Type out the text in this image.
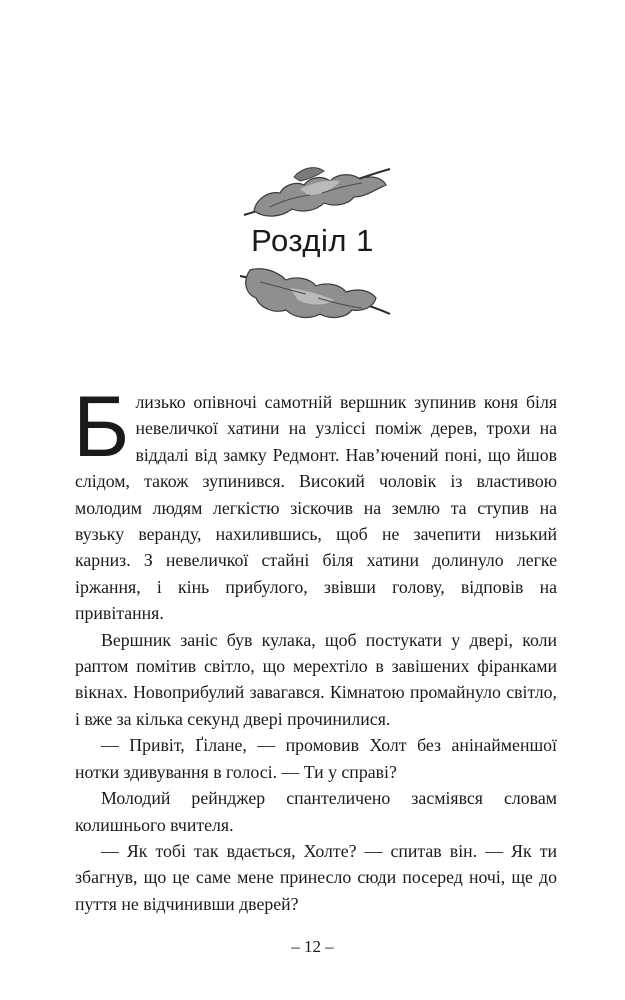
Розділ 1

Близько опівночі самотній вершник зупинив коня біля невеличкої хатини на узліссі поміж дерев, трохи на віддалі від замку Редмонт. Нав’ючений поні, що йшов слідом, також зупинився. Високий чоловік із властивою молодим людям легкістю зіскочив на землю та ступив на вузьку веранду, нахилившись, щоб не зачепити низький карниз. З невеличкої стайні біля хатини долинуло легке іржання, і кінь прибулого, звівши голову, відповів на привітання.

Вершник заніс був кулака, щоб постукати у двері, коли раптом помітив світло, що мерехтіло в завішених фіранками вікнах. Новоприбулий завагався. Кімнатою промайнуло світло, і вже за кілька секунд двері прочинилися.

— Привіт, Ґілане, — промовив Холт без анінайменшої нотки здивування в голосі. — Ти у справі?

Молодий рейнджер спантеличено засміявся словам колишнього вчителя.

— Як тобі так вдається, Холте? — спитав він. — Як ти збагнув, що це саме мене принесло сюди посеред ночі, ще до пуття не відчинивши дверей?

– 12 –
